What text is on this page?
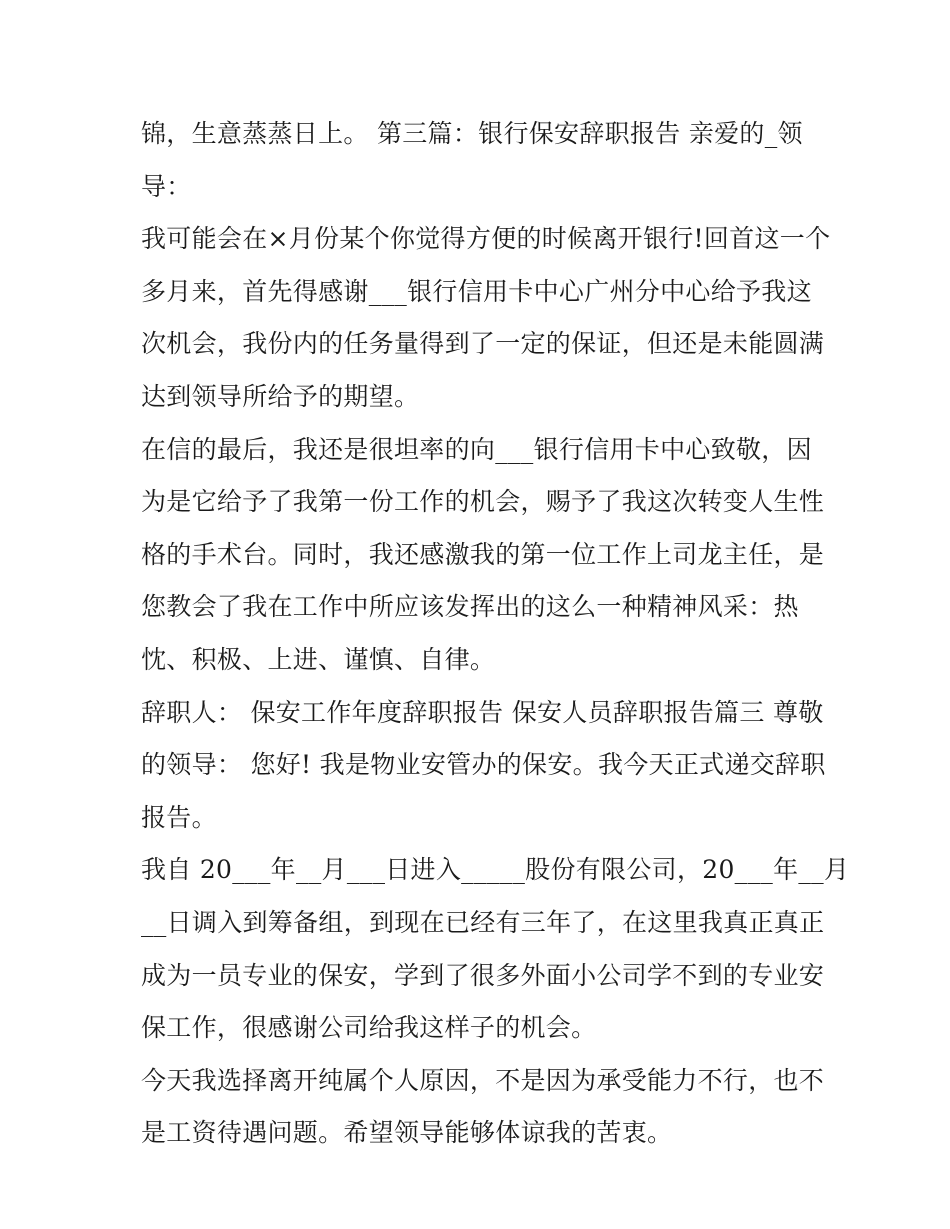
锦，生意蒸蒸日上。 第三篇：银行保安辞职报告 亲爱的_领
导：
我可能会在×月份某个你觉得方便的时候离开银行!回首这一个
多月来，首先得感谢___银行信用卡中心广州分中心给予我这
次机会，我份内的任务量得到了一定的保证，但还是未能圆满
达到领导所给予的期望。
在信的最后，我还是很坦率的向___银行信用卡中心致敬，因
为是它给予了我第一份工作的机会，赐予了我这次转变人生性
格的手术台。同时，我还感激我的第一位工作上司龙主任，是
您教会了我在工作中所应该发挥出的这么一种精神风采：热
忱、积极、上进、谨慎、自律。
辞职人： 保安工作年度辞职报告 保安人员辞职报告篇三 尊敬
的领导： 您好! 我是物业安管办的保安。我今天正式递交辞职
报告。
我自 20___年__月___日进入_____股份有限公司，20___年__月
__日调入到筹备组，到现在已经有三年了，在这里我真正真正
成为一员专业的保安，学到了很多外面小公司学不到的专业安
保工作，很感谢公司给我这样子的机会。
今天我选择离开纯属个人原因，不是因为承受能力不行，也不
是工资待遇问题。希望领导能够体谅我的苦衷。
